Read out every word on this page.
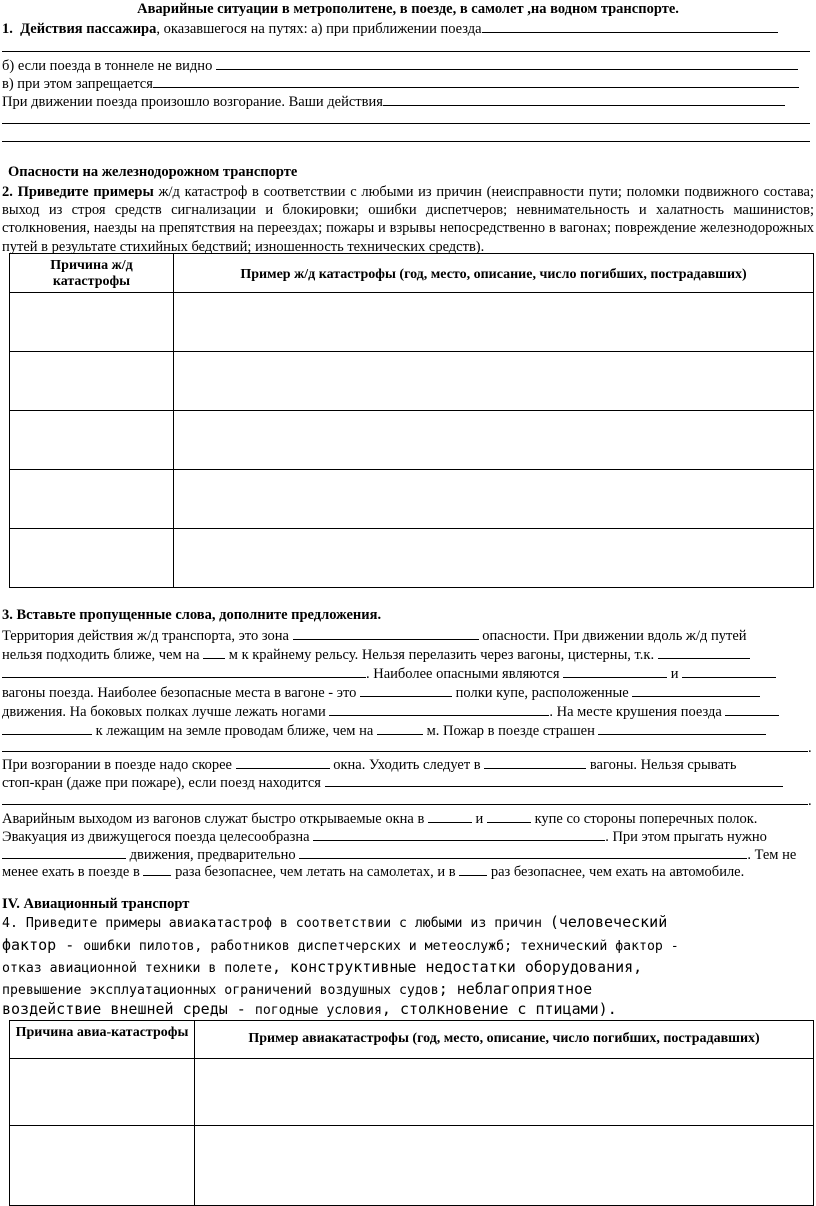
Аварийные ситуации в метрополитене, в поезде, в самолет ,на водном транспорте.
1. Действия пассажира, оказавшегося на путях: а) при приближении поезда
б) если поезда в тоннеле не видно
в) при этом запрещается
При движении поезда произошло возгорание. Ваши действия
Опасности на железнодорожном транспорте
2. Приведите примеры ж/д катастроф в соответствии с любыми из причин (неисправности пути; поломки подвижного состава; выход из строя средств сигнализации и блокировки; ошибки диспетчеров; невнимательность и халатность машинистов; столкновения, наезды на препятствия на переездах; пожары и взрывы непосредственно в вагонах; повреждение железнодорожных путей в результате стихийных бедствий; изношенность технических средств).
Причина ж/д катастрофы	Пример ж/д катастрофы (год, место, описание, число погибших, пострадавших)

3. Вставьте пропущенные слова, дополните предложения.
Территория действия ж/д транспорта, это зона	опасности. При движении вдоль ж/д путей
нельзя подходить ближе, чем на м к крайнему рельсу. Нельзя перелазить через вагоны, цистерны, т.к.
. Наиболее опасными являются	и
вагоны поезда. Наиболее безопасные места в вагоне - это	полки купе, расположенные
движения. На боковых полках лучше лежать ногами	. На месте крушения поезда
к лежащим на земле проводам ближе, чем на	м. Пожар в поезде страшен
.
При возгорании в поезде надо скорее	окна. Уходить следует в	вагоны. Нельзя срывать
стоп-кран (даже при пожаре), если поезд находится
.
Аварийным выходом из вагонов служат быстро открываемые окна в	и	купе со стороны поперечных полок.
Эвакуация из движущегося поезда целесообразна	. При этом прыгать нужно
движения, предварительно	. Тем не
менее ехать в поезде в раза безопаснее, чем летать на самолетах, и в раз безопаснее, чем ехать на автомобиле.
IV. Авиационный транспорт
4. Приведите примеры авиакатастроф в соответствии с любыми из причин (человеческий
фактор - ошибки пилотов, работников диспетчерских и метеослужб; технический фактор -
отказ авиационной техники в полете, конструктивные недостатки оборудования,
превышение эксплуатационных ограничений воздушных судов; неблагоприятное
воздействие внешней среды - погодные условия, столкновение с птицами).
Причина авиа-катастрофы	Пример авиакатастрофы (год, место, описание, число погибших, пострадавших)
